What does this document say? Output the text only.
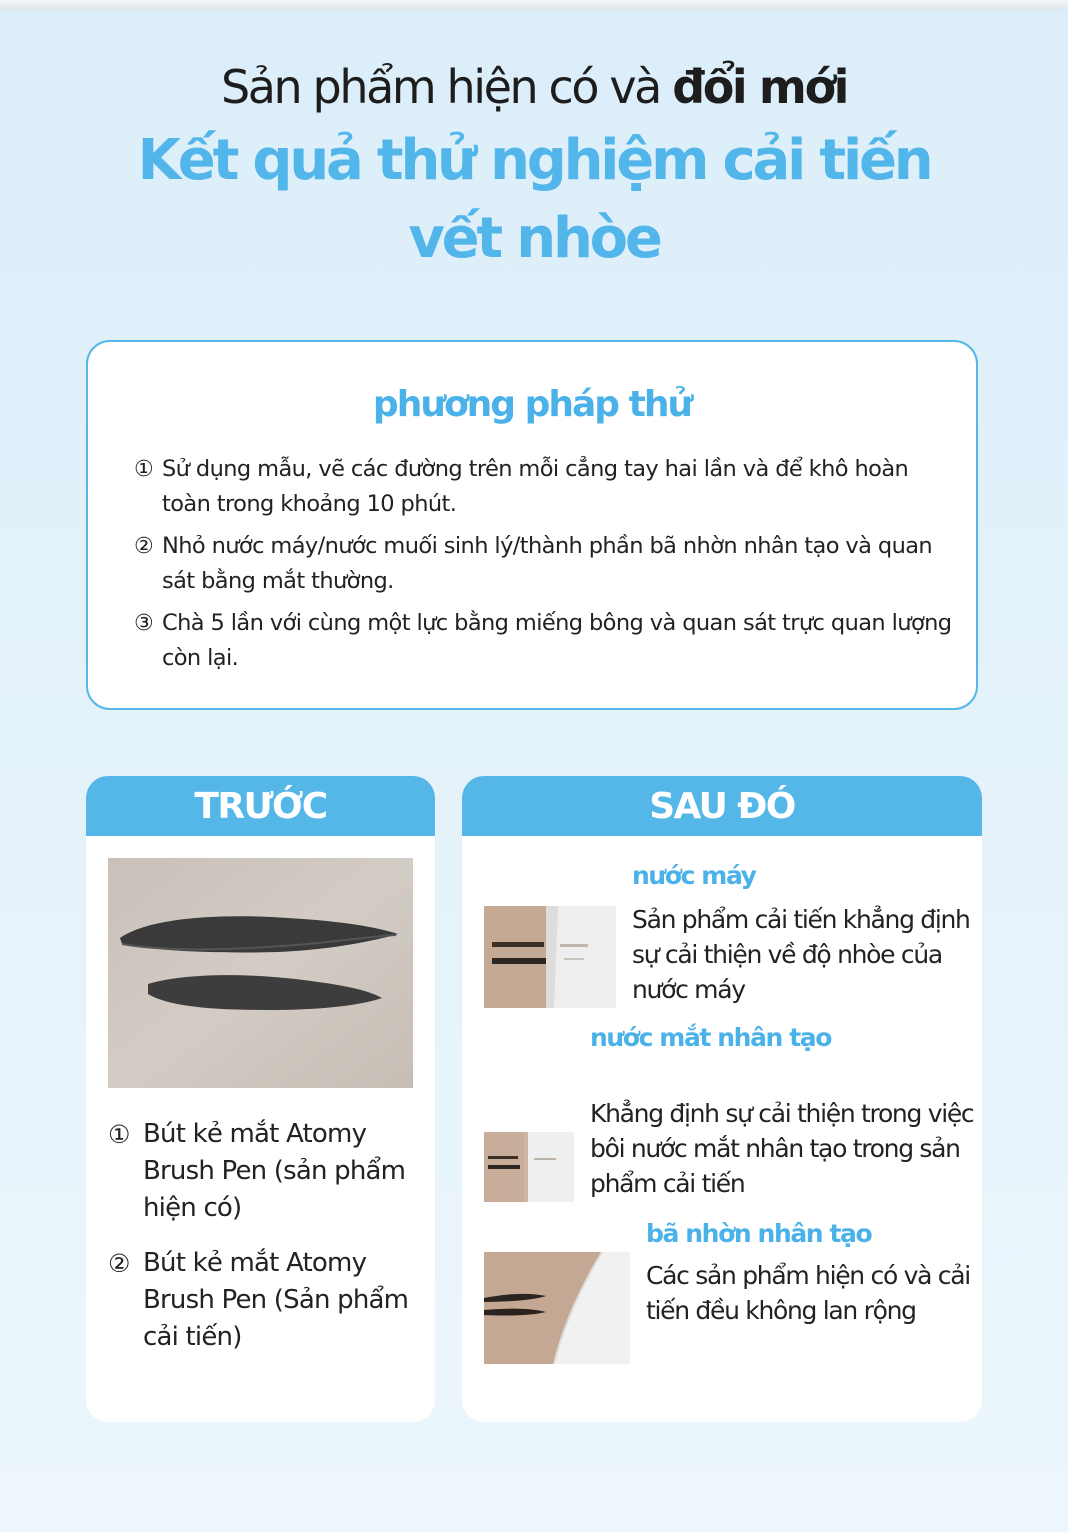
Sản phẩm hiện có và đổi mới
Kết quả thử nghiệm cải tiến vết nhòe
phương pháp thử
① Sử dụng mẫu, vẽ các đường trên mỗi cẳng tay hai lần và để khô hoàn toàn trong khoảng 10 phút.
② Nhỏ nước máy/nước muối sinh lý/thành phần bã nhờn nhân tạo và quan sát bằng mắt thường.
③ Chà 5 lần với cùng một lực bằng miếng bông và quan sát trực quan lượng còn lại.
TRƯỚC
① Bút kẻ mắt Atomy Brush Pen (sản phẩm hiện có)
② Bút kẻ mắt Atomy Brush Pen (Sản phẩm cải tiến)
SAU ĐÓ
nước máy
Sản phẩm cải tiến khẳng định sự cải thiện về độ nhòe của nước máy
nước mắt nhân tạo
Khẳng định sự cải thiện trong việc bôi nước mắt nhân tạo trong sản phẩm cải tiến
bã nhờn nhân tạo
Các sản phẩm hiện có và cải tiến đều không lan rộng
